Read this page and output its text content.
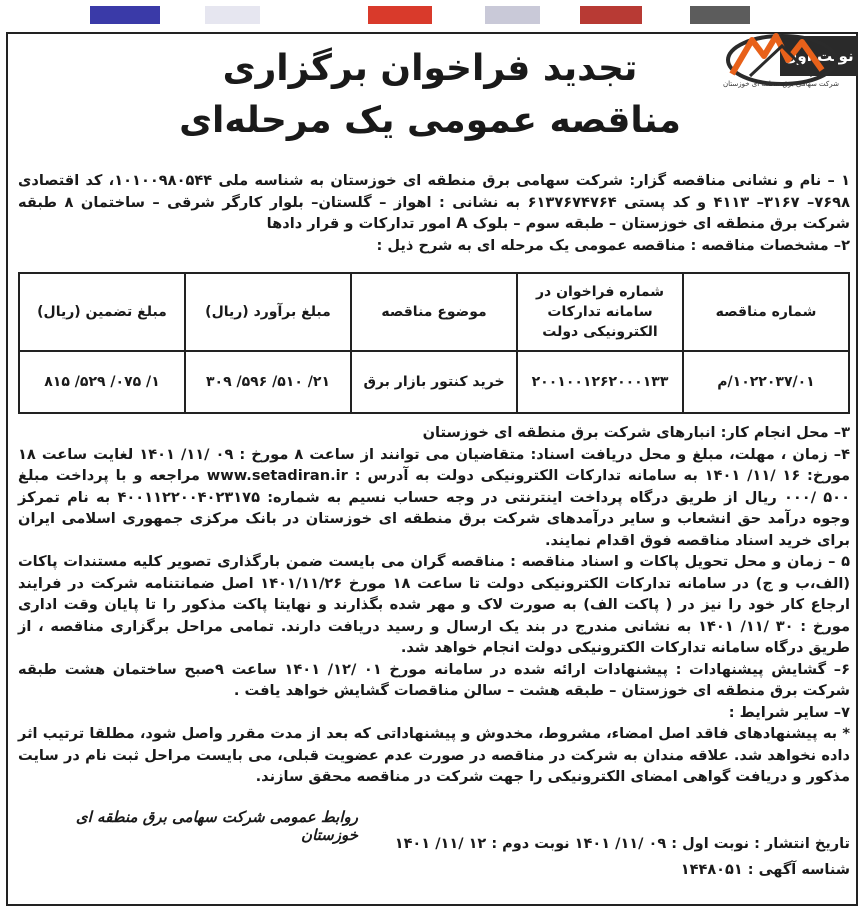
نوبت اول
شرکت سهامی برق منطقه ای خوزستان
تجدید فراخوان برگزاری
مناقصه عمومی یک مرحله‌ای

۱ – نام و نشانی مناقصه گزار: شرکت سهامی برق منطقه ای خوزستان به شناسه ملی ۱۰۱۰۰۹۸۰۵۴۴، کد اقتصادی ۷۶۹۸– ۳۱۶۷– ۴۱۱۳ و کد پستی ۶۱۳۷۶۷۴۷۶۴ به نشانی : اهواز – گلستان– بلوار کارگر شرقی – ساختمان ۸ طبقه شرکت برق منطقه ای خوزستان – طبقه سوم – بلوک A امور تدارکات و قرار دادها

۲– مشخصات مناقصه : مناقصه عمومی یک مرحله ای به شرح ذیل :

شماره مناقصه	شماره فراخوان در سامانه تدارکات الکترونیکی دولت	موضوع مناقصه	مبلغ برآورد (ریال)	مبلغ تضمین (ریال)
۱۰۲۲۰۳۷/۰۱/م	۲۰۰۱۰۰۱۲۶۲۰۰۰۱۳۳	خرید کنتور بازار برق	۲۱/ ۵۱۰/ ۵۹۶/ ۳۰۹	۱/ ۰۷۵/ ۵۲۹/ ۸۱۵

۳– محل انجام کار: انبارهای شرکت برق منطقه ای خوزستان

۴– زمان ، مهلت، مبلغ و محل دریافت اسناد: متقاضیان می توانند از ساعت ۸ مورخ : ۰۹ /۱۱/ ۱۴۰۱ لغایت ساعت ۱۸ مورخ: ۱۶ /۱۱/ ۱۴۰۱ به سامانه تدارکات الکترونیکی دولت به آدرس : www.setadiran.ir مراجعه و با پرداخت مبلغ ۵۰۰ /۰۰۰ ریال از طریق درگاه پرداخت اینترنتی در وجه حساب نسیم به شماره: ۴۰۰۱۱۲۲۰۰۴۰۲۳۱۷۵ به نام تمرکز وجوه درآمد حق انشعاب و سایر درآمدهای شرکت برق منطقه ای خوزستان در بانک مرکزی جمهوری اسلامی ایران برای خرید اسناد مناقصه فوق اقدام نمایند.

۵ – زمان و محل تحویل پاکات و اسناد مناقصه : مناقصه گران می بایست ضمن بارگذاری تصویر کلیه مستندات پاکات (الف،ب و ج) در سامانه تدارکات الکترونیکی دولت تا ساعت ۱۸ مورخ ۱۴۰۱/۱۱/۲۶ اصل ضمانتنامه شرکت در فرایند ارجاع کار خود را نیز در ( پاکت الف) به صورت لاک و مهر شده بگذارند و نهایتا پاکت مذکور را تا پایان وقت اداری مورخ : ۳۰ /۱۱/ ۱۴۰۱ به نشانی مندرج در بند یک ارسال و رسید دریافت دارند. تمامی مراحل برگزاری مناقصه ، از طریق درگاه سامانه تدارکات الکترونیکی دولت انجام خواهد شد.

۶– گشایش پیشنهادات : پیشنهادات ارائه شده در سامانه مورخ ۰۱ /۱۲/ ۱۴۰۱ ساعت ۹صبح ساختمان هشت طبقه شرکت برق منطقه ای خوزستان – طبقه هشت – سالن مناقصات گشایش خواهد یافت .

۷– سایر شرایط :

* به پیشنهادهای فاقد اصل امضاء، مشروط، مخدوش و پیشنهاداتی که بعد از مدت مقرر واصل شود، مطلقا ترتیب اثر داده نخواهد شد. علاقه مندان به شرکت در مناقصه در صورت عدم عضویت قبلی، می بایست مراحل ثبت نام در سایت مذکور و دریافت گواهی امضای الکترونیکی را جهت شرکت در مناقصه محقق سازند.

روابط عمومی شرکت سهامی برق منطقه ای خوزستان	تاریخ انتشار : نوبت اول : ۰۹ /۱۱/ ۱۴۰۱ نوبت دوم : ۱۲ /۱۱/ ۱۴۰۱
شناسه آگهی : ۱۴۴۸۰۵۱
